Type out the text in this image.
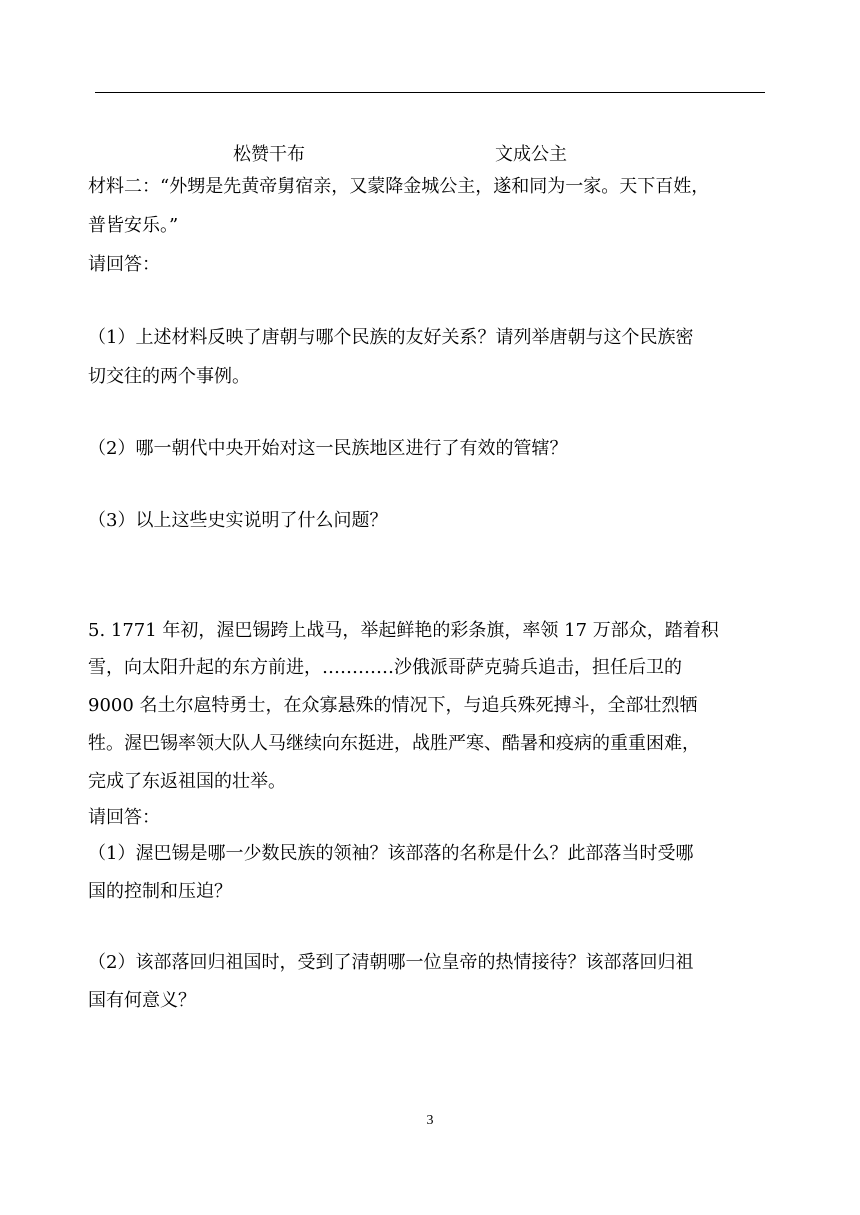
松赞干布	文成公主
材料二：“外甥是先黄帝舅宿亲，又蒙降金城公主，遂和同为一家。天下百姓，
普皆安乐。”
请回答：
（1）上述材料反映了唐朝与哪个民族的友好关系？请列举唐朝与这个民族密
切交往的两个事例。
（2）哪一朝代中央开始对这一民族地区进行了有效的管辖？
（3）以上这些史实说明了什么问题？
5. 1771 年初，渥巴锡跨上战马，举起鲜艳的彩条旗，率领 17 万部众，踏着积
雪，向太阳升起的东方前进，…………沙俄派哥萨克骑兵追击，担任后卫的
9000 名土尔扈特勇士，在众寡悬殊的情况下，与追兵殊死搏斗，全部壮烈牺
牲。渥巴锡率领大队人马继续向东挺进，战胜严寒、酷暑和疫病的重重困难，
完成了东返祖国的壮举。
请回答：
（1）渥巴锡是哪一少数民族的领袖？该部落的名称是什么？此部落当时受哪
国的控制和压迫？
（2）该部落回归祖国时，受到了清朝哪一位皇帝的热情接待？该部落回归祖
国有何意义？
3
